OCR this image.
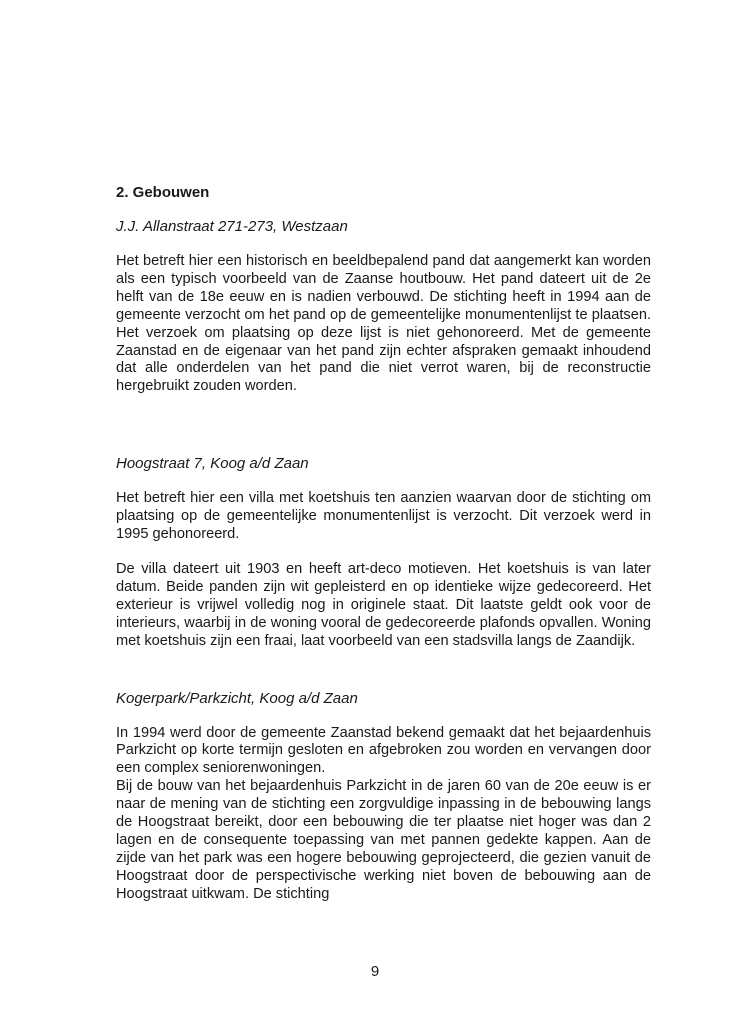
2. Gebouwen
J.J. Allanstraat 271-273, Westzaan

Het betreft hier een historisch en beeldbepalend pand dat aangemerkt kan worden als een typisch voorbeeld van de Zaanse houtbouw. Het pand dateert uit de 2e helft van de 18e eeuw en is nadien verbouwd. De stichting heeft in 1994 aan de gemeente verzocht om het pand op de gemeentelijke monumentenlijst te plaatsen. Het verzoek om plaatsing op deze lijst is niet gehonoreerd. Met de gemeente Zaanstad en de eigenaar van het pand zijn echter afspraken gemaakt inhoudend dat alle onderdelen van het pand die niet verrot waren, bij de reconstructie hergebruikt zouden worden.

Hoogstraat 7, Koog a/d Zaan

Het betreft hier een villa met koetshuis ten aanzien waarvan door de stichting om plaatsing op de gemeentelijke monumentenlijst is verzocht. Dit verzoek werd in 1995 gehonoreerd.

De villa dateert uit 1903 en heeft art-deco motieven. Het koetshuis is van later datum. Beide panden zijn wit gepleisterd en op identieke wijze gedecoreerd. Het exterieur is vrijwel volledig nog in originele staat. Dit laatste geldt ook voor de interieurs, waarbij in de woning vooral de gedecoreerde plafonds opvallen. Woning met koetshuis zijn een fraai, laat voorbeeld van een stadsvilla langs de Zaandijk.

Kogerpark/Parkzicht, Koog a/d Zaan

In 1994 werd door de gemeente Zaanstad bekend gemaakt dat het bejaardenhuis Parkzicht op korte termijn gesloten en afgebroken zou worden en vervangen door een complex seniorenwoningen.

Bij de bouw van het bejaardenhuis Parkzicht in de jaren 60 van de 20e eeuw is er naar de mening van de stichting een zorgvuldige inpassing in de bebouwing langs de Hoogstraat bereikt, door een bebouwing die ter plaatse niet hoger was dan 2 lagen en de consequente toepassing van met pannen gedekte kappen. Aan de zijde van het park was een hogere bebouwing geprojecteerd, die gezien vanuit de Hoogstraat door de perspectivische werking niet boven de bebouwing aan de Hoogstraat uitkwam. De stichting

9
